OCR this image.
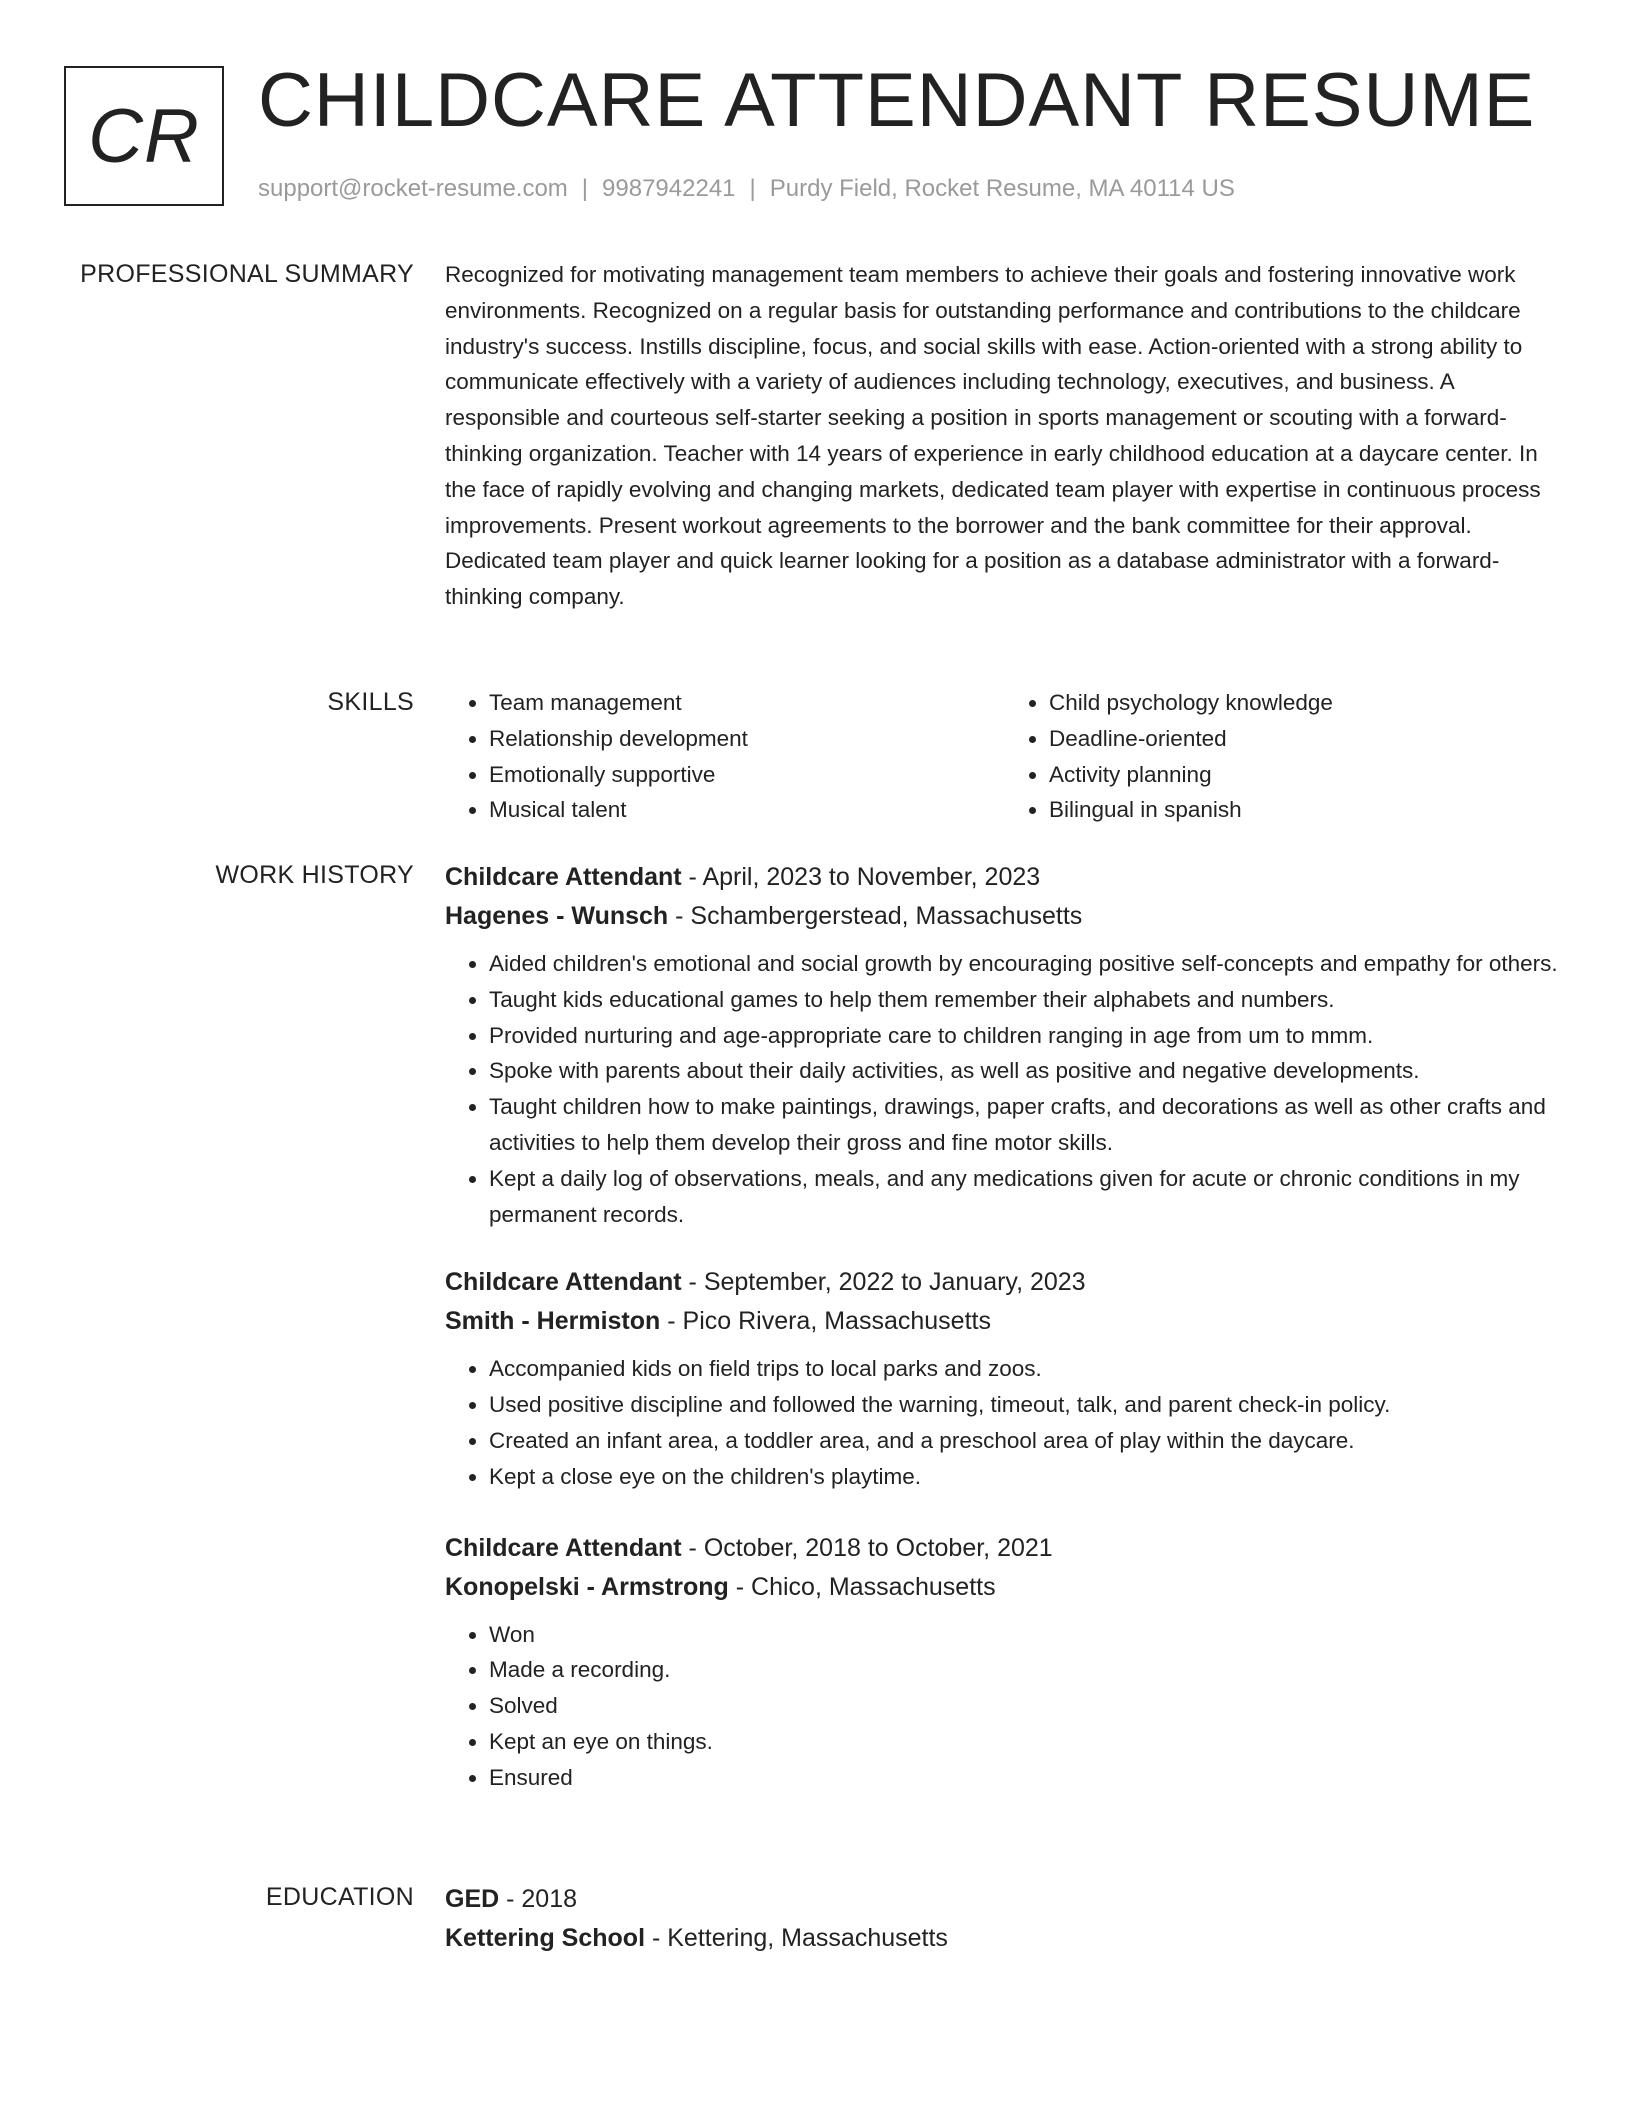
CR CHILDCARE ATTENDANT RESUME
support@rocket-resume.com | 9987942241 | Purdy Field, Rocket Resume, MA 40114 US
PROFESSIONAL SUMMARY Recognized for motivating management team members to achieve their goals and fostering innovative work environments. Recognized on a regular basis for outstanding performance and contributions to the childcare industry's success. Instills discipline, focus, and social skills with ease. Action-oriented with a strong ability to communicate effectively with a variety of audiences including technology, executives, and business. A responsible and courteous self-starter seeking a position in sports management or scouting with a forward-thinking organization. Teacher with 14 years of experience in early childhood education at a daycare center. In the face of rapidly evolving and changing markets, dedicated team player with expertise in continuous process improvements. Present workout agreements to the borrower and the bank committee for their approval. Dedicated team player and quick learner looking for a position as a database administrator with a forward-thinking company.

SKILLS
•	Team management
• Relationship development
• Emotionally supportive
• Musical talent
• Child psychology knowledge
• Deadline-oriented
• Activity planning
• Bilingual in spanish
WORK HISTORY Childcare Attendant - April, 2023 to November, 2023
Hagenes - Wunsch - Schambergerstead, Massachusetts
• Aided children's emotional and social growth by encouraging positive self-concepts and empathy for others.
• Taught kids educational games to help them remember their alphabets and numbers.
• Provided nurturing and age-appropriate care to children ranging in age from um to mmm.
• Spoke with parents about their daily activities, as well as positive and negative developments.
• Taught children how to make paintings, drawings, paper crafts, and decorations as well as other crafts and activities to help them develop their gross and fine motor skills.
• Kept a daily log of observations, meals, and any medications given for acute or chronic conditions in my permanent records.
Childcare Attendant - September, 2022 to January, 2023
Smith - Hermiston - Pico Rivera, Massachusetts
• Accompanied kids on field trips to local parks and zoos.
• Used positive discipline and followed the warning, timeout, talk, and parent check-in policy.
• Created an infant area, a toddler area, and a preschool area of play within the daycare.
• Kept a close eye on the children's playtime.
Childcare Attendant - October, 2018 to October, 2021
Konopelski - Armstrong - Chico, Massachusetts
• Won
• Made a recording.
• Solved
• Kept an eye on things.
• Ensured
EDUCATION GED - 2018
Kettering School - Kettering, Massachusetts
